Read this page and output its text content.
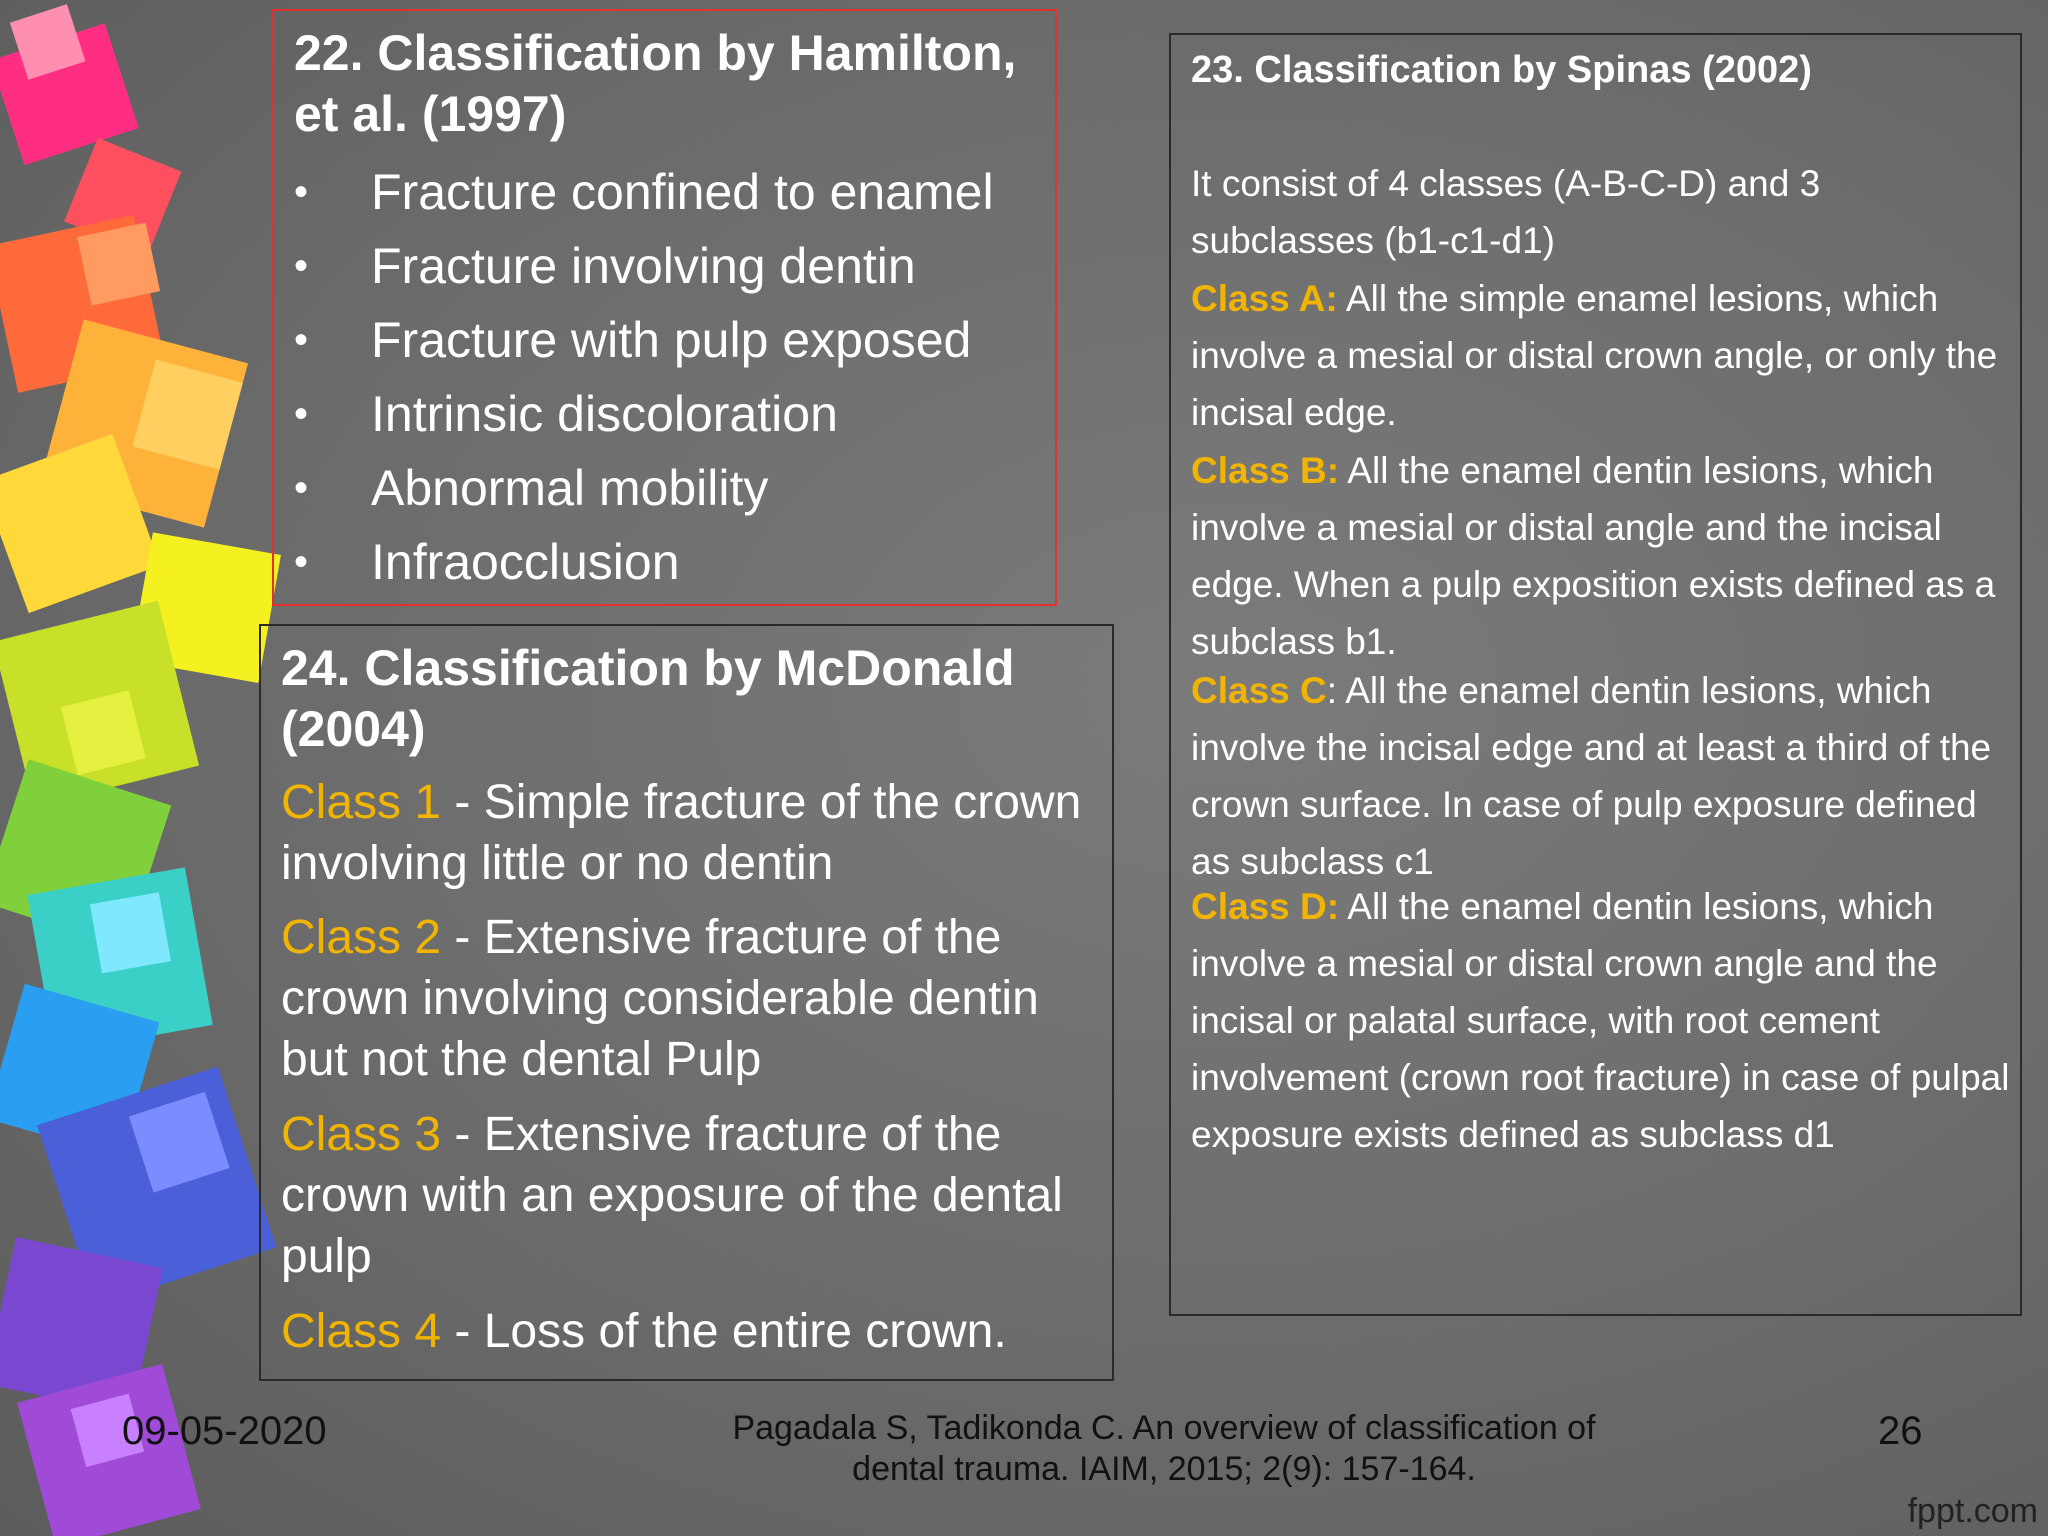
22. Classification by Hamilton, et al. (1997)
• Fracture confined to enamel
• Fracture involving dentin
• Fracture with pulp exposed
• Intrinsic discoloration
• Abnormal mobility
• Infraocclusion
24. Classification by McDonald (2004)
Class 1 - Simple fracture of the crown involving little or no dentin
Class 2 - Extensive fracture of the crown involving considerable dentin but not the dental Pulp
Class 3 - Extensive fracture of the crown with an exposure of the dental pulp
Class 4 - Loss of the entire crown.
23. Classification by Spinas (2002)
It consist of 4 classes (A-B-C-D) and 3 subclasses (b1-c1-d1)
Class A: All the simple enamel lesions, which involve a mesial or distal crown angle, or only the incisal edge.
Class B: All the enamel dentin lesions, which involve a mesial or distal angle and the incisal edge. When a pulp exposition exists defined as a subclass b1.
Class C: All the enamel dentin lesions, which involve the incisal edge and at least a third of the crown surface. In case of pulp exposure defined as subclass c1
Class D: All the enamel dentin lesions, which involve a mesial or distal crown angle and the incisal or palatal surface, with root cement involvement (crown root fracture) in case of pulpal exposure exists defined as subclass d1
09-05-2020	Pagadala S, Tadikonda C. An overview of classification of dental trauma. IAIM, 2015; 2(9): 157-164.
26
fppt.com
